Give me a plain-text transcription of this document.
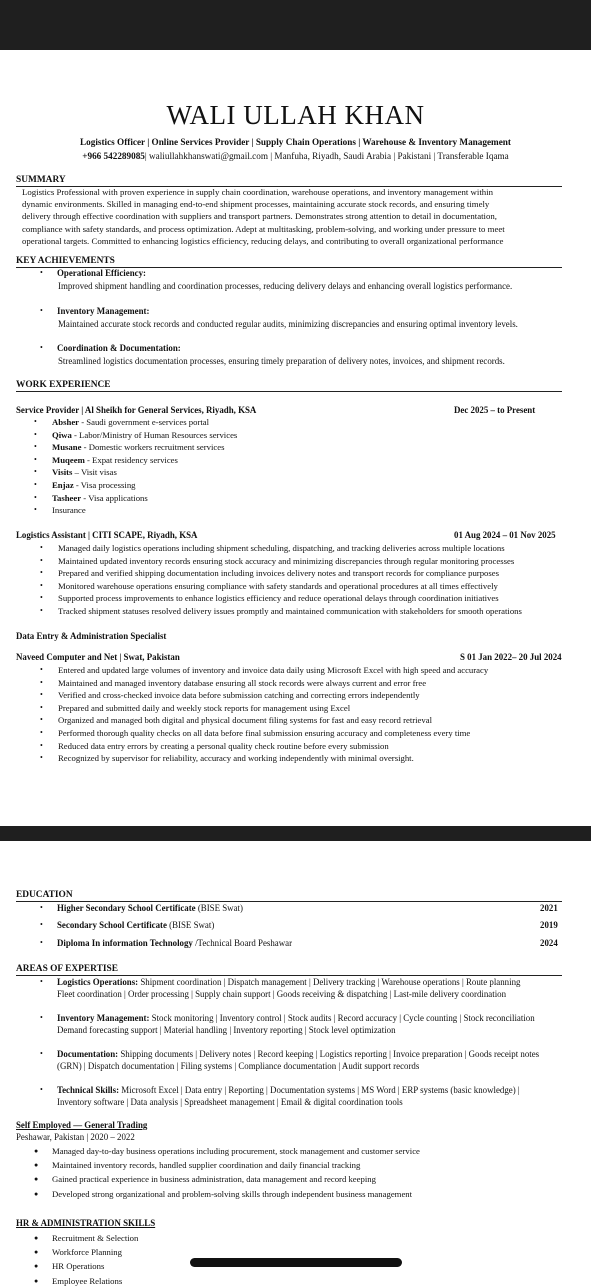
WALI ULLAH KHAN
Logistics Officer | Online Services Provider | Supply Chain Operations | Warehouse & Inventory Management
+966 542289085| waliullahkhanswati@gmail.com | Manfuha, Riyadh, Saudi Arabia | Pakistani | Transferable Iqama
SUMMARY
Logistics Professional with proven experience in supply chain coordination, warehouse operations, and inventory management within
dynamic environments. Skilled in managing end-to-end shipment processes, maintaining accurate stock records, and ensuring timely
delivery through effective coordination with suppliers and transport partners. Demonstrates strong attention to detail in documentation,
compliance with safety standards, and process optimization. Adept at multitasking, problem-solving, and working under pressure to meet
operational targets. Committed to enhancing logistics efficiency, reducing delays, and contributing to overall organizational performance
KEY ACHIEVEMENTS
• Operational Efficiency:
Improved shipment handling and coordination processes, reducing delivery delays and enhancing overall logistics performance.
• Inventory Management:
Maintained accurate stock records and conducted regular audits, minimizing discrepancies and ensuring optimal inventory levels.
• Coordination & Documentation:
Streamlined logistics documentation processes, ensuring timely preparation of delivery notes, invoices, and shipment records.
WORK EXPERIENCE
Service Provider | Al Sheikh for General Services, Riyadh, KSA	Dec 2025 – to Present
• Absher - Saudi government e-services portal
• Qiwa - Labor/Ministry of Human Resources services
• Musane - Domestic workers recruitment services
• Muqeem - Expat residency services
• Visits – Visit visas
• Enjaz - Visa processing
• Tasheer - Visa applications
• Insurance
Logistics Assistant | CITI SCAPE, Riyadh, KSA	01 Aug 2024 – 01 Nov 2025
• Managed daily logistics operations including shipment scheduling, dispatching, and tracking deliveries across multiple locations
• Maintained updated inventory records ensuring stock accuracy and minimizing discrepancies through regular monitoring processes
• Prepared and verified shipping documentation including invoices delivery notes and transport records for compliance purposes
• Monitored warehouse operations ensuring compliance with safety standards and operational procedures at all times effectively
• Supported process improvements to enhance logistics efficiency and reduce operational delays through coordination initiatives
• Tracked shipment statuses resolved delivery issues promptly and maintained communication with stakeholders for smooth operations
Data Entry & Administration Specialist
Naveed Computer and Net | Swat, Pakistan	S 01 Jan 2022– 20 Jul 2024
• Entered and updated large volumes of inventory and invoice data daily using Microsoft Excel with high speed and accuracy
• Maintained and managed inventory database ensuring all stock records were always current and error free
• Verified and cross-checked invoice data before submission catching and correcting errors independently
• Prepared and submitted daily and weekly stock reports for management using Excel
• Organized and managed both digital and physical document filing systems for fast and easy record retrieval
• Performed thorough quality checks on all data before final submission ensuring accuracy and completeness every time
• Reduced data entry errors by creating a personal quality check routine before every submission
• Recognized by supervisor for reliability, accuracy and working independently with minimal oversight.
EDUCATION
• Higher Secondary School Certificate (BISE Swat)	2021
• Secondary School Certificate (BISE Swat)	2019
• Diploma In information Technology /Technical Board Peshawar	2024
AREAS OF EXPERTISE
• Logistics Operations: Shipment coordination | Dispatch management | Delivery tracking | Warehouse operations | Route planning
Fleet coordination | Order processing | Supply chain support | Goods receiving & dispatching | Last-mile delivery coordination
• Inventory Management: Stock monitoring | Inventory control | Stock audits | Record accuracy | Cycle counting | Stock reconciliation
Demand forecasting support | Material handling | Inventory reporting | Stock level optimization
• Documentation: Shipping documents | Delivery notes | Record keeping | Logistics reporting | Invoice preparation | Goods receipt notes
(GRN) | Dispatch documentation | Filing systems | Compliance documentation | Audit support records
• Technical Skills: Microsoft Excel | Data entry | Reporting | Documentation systems | MS Word | ERP systems (basic knowledge) |
Inventory software | Data analysis | Spreadsheet management | Email & digital coordination tools
Self Employed — General Trading
Peshawar, Pakistan | 2020 – 2022
● Managed day-to-day business operations including procurement, stock management and customer service
● Maintained inventory records, handled supplier coordination and daily financial tracking
● Gained practical experience in business administration, data management and record keeping
● Developed strong organizational and problem-solving skills through independent business management
HR & ADMINISTRATION SKILLS
● Recruitment & Selection
● Workforce Planning
● HR Operations
● Employee Relations
